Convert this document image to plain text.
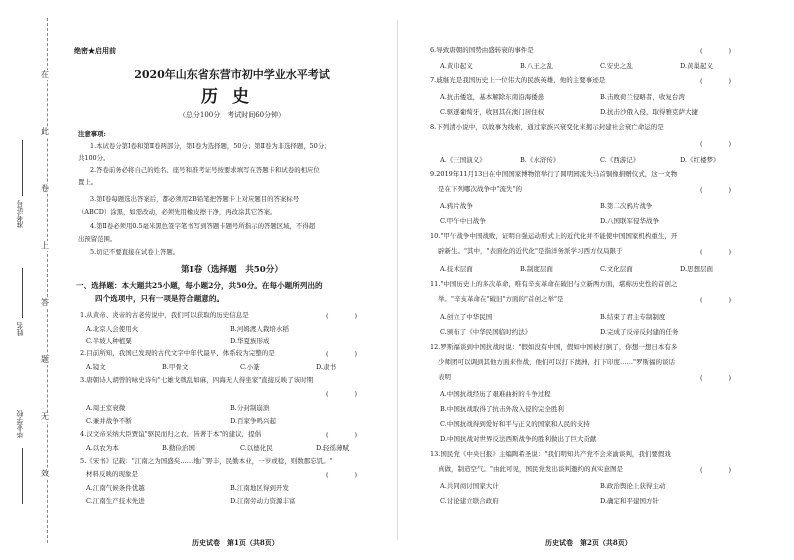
在
此
卷
上
答
题
无
效
准考证号
姓名
毕业学校
绝密★启用前
2020年山东省东营市初中学业水平考试
历史
（总分100分　考试时间60分钟）
注意事项:
1.本试卷分第Ⅰ卷和第Ⅱ卷两部分，第Ⅰ卷为选择题，50分；第Ⅱ卷为非选择题，50分；
共100分。
2.答卷前务必将自己的姓名、座号和准考证号按要求填写在答题卡和试卷的相应位
置上。
3.第Ⅰ卷每题选出答案后，都必须用2B铅笔把答题卡上对应题目的答案标号
（ABCD）涂黑，如需改动，必须先用橡皮擦干净，再改涂其它答案。
4.第Ⅱ卷必须用0.5毫米黑色签字笔书写到答题卡题号所指示的答题区域，不得超
出预留范围。
5.切记不要直接在试卷上答题。
第Ⅰ卷（选择题　共50分）
一、选择题：本大题共25小题，每小题2分，共50分。在每小题所列出的
四个选项中，只有一项是符合题意的。
1.从黄帝、炎帝的古老传说中，我们可以获取的历史信息是	(　　　　)
A.北京人会使用火	B.河姆渡人栽培水稻
C.半坡人种植粟	D.华夏族形成
2.目前所知，我国已发现的古代文字中年代最早、体系较为完整的是	(　　　　)
A.镜文	B.甲骨文	C.小篆	D.隶书
3.唐朝诗人胡曾的咏史诗句"七雄戈戟乱如麻，四海无人得坐家"直接反映了该时期
(　　　　)
A.周王室衰微	B.分封制崩溃
C.兼并战争不断	D.百家争鸣兴起
4.汉文帝采纳大臣贾谊"驱民而归之农，皆著于本"的建议，提倡	(　　　　)
A.以农为本	B.勤俭治国	C.以德化民	D.轻徭薄赋
5.《宋书》记载："江南之为国盛矣……地广野丰，民勤本业，一岁或稔，则数郡忘饥。"
材料反映的现象是	(　　　　)
A.江南气候条件优越	B.江南地区得到开发
C.江南生产技术先进	D.江南劳动力资源丰富
历史试卷　第1页（共8页）
6.导致唐朝的国势由盛转衰的事件是	(　　　　)
A.黄巾起义	B.八王之乱	C.安史之乱	D.黄巢起义
7.戚继光是我国历史上一位伟大的民族英雄，他的主要事迹是	(　　　　)
A.抗击倭寇，基本解除东南沿海倭患	B.击败荷兰侵略者，收复台湾
C.驱逐葡萄牙，收回其在澳门居住权	D.抗击沙俄入侵，取得雅克萨大捷
8.下列清小说中，以故事为线索，通过家族兴衰变化来揭示封建社会衰亡命运的是
(　　　　)
A.《三国演义》	B.《水浒传》	C.《西游记》	D.《红楼梦》
9.2019年11月13日在中国国家博物馆举行了圆明园流失马首铜像捐赠仪式，这一文物
是在下列哪次战争中"流失"的	(　　　　)
A.鸦片战争	B.第二次鸦片战争
C.甲午中日战争	D.八国联军侵华战争
10."甲午战争中国战败，证明自强运动形式上的近代化并不能使中国国家机构重生，开
辟新生。"其中，"表面化的近代化"是指洋务派学习西方仅局限于	(　　　　)
A.技术层面	B.制度层面	C.文化层面	D.思想层面
11."中国历史上的多次革命，唯有辛亥革命在破旧与立新两方面，堪称历史性的首创之
举。"辛亥革命在"破旧"方面的"首创之举"是	(　　　　)
A.创立了中华民国	B.结束了君主专制制度
C.颁布了《中华民国临时约法》	D.完成了反帝反封建的任务
12.罗斯福谈到中国抗战时说："假如没有中国，假如中国被打倒了，你想一想日本有多
少师团可以调到其他方面来作战，他们可以打下澳洲，打下印度……"罗斯福的谈话
表明	(　　　　)
A.中国抗战经历了艰难曲折的斗争过程
B.中国抗战取得了抗击外敌入侵的完全胜利
C.中国抗战得到爱好和平与正义的国家和人民的支持
D.中国抗战对世界反法西斯战争的胜利做出了巨大贡献
13.国民党《中央日报》主编陶希圣说："我们明知共产党不会来渝谈判，我们要假戏
真做，制造空气。"由此可见，国民党发出谈判邀约的真实意图是	(　　　　)
A.共同商讨国家大计	B.政治舆论上获得主动
C.讨论建立联合政府	D.确定和平建国方针
历史试卷　第2页（共8页）
